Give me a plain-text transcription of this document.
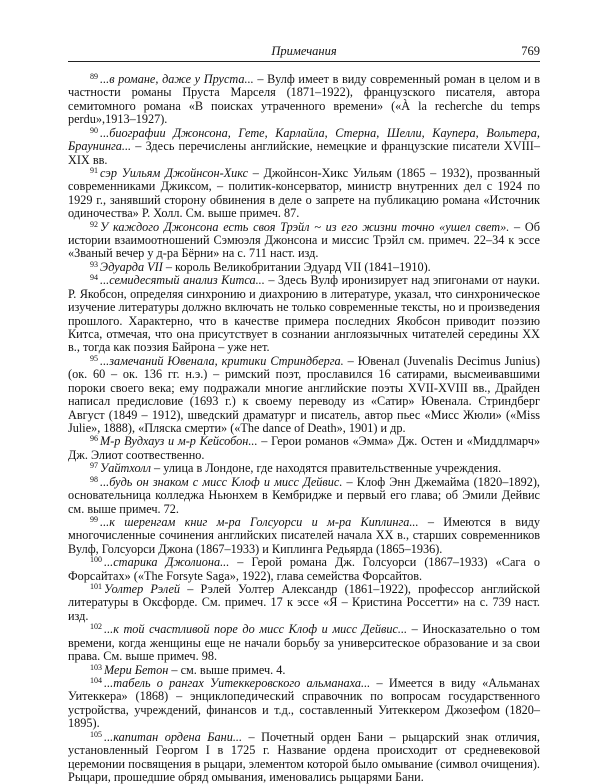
Примечания	769

$^{89}$ ...в романе, даже у Пруста... – Вулф имеет в виду современный роман в целом и в частности романы Пруста Марселя (1871–1922), французского писателя, автора семитомного романа «В поисках утраченного времени» («À la recherche du temps perdu»,1913–1927).

$^{90}$ ...биографии Джонсона, Гете, Карлайла, Стерна, Шелли, Каупера, Вольтера, Браунинга... – Здесь перечислены английские, немецкие и французские писатели XVIII–XIX вв.

$^{91}$ сэр Уильям Джойнсон-Хикс – Джойнсон-Хикс Уильям (1865 – 1932), прозванный современниками Джиксом, – политик-консерватор, министр внутренних дел с 1924 по 1929 г., занявший сторону обвинения в деле о запрете на публикацию романа «Источник одиночества» Р. Холл. См. выше примеч. 87.

$^{92}$ У каждого Джонсона есть своя Трэйл ~ из его жизни точно «ушел свет». – Об истории взаимоотношений Сэмюэля Джонсона и миссис Трэйл см. примеч. 22–34 к эссе «Званый вечер у д-ра Бёрни» на с. 711 наст. изд.

$^{93}$ Эдуарда VII – король Великобритании Эдуард VII (1841–1910).

$^{94}$ ...семидесятый анализ Китса... – Здесь Вулф иронизирует над эпигонами от науки. Р. Якобсон, определяя синхронию и диахронию в литературе, указал, что синхроническое изучение литературы должно включать не только современные тексты, но и произведения прошлого. Характерно, что в качестве примера последних Якобсон приводит поэзию Китса, отмечая, что она присутствует в сознании англоязычных читателей середины XX в., тогда как поэзия Байрона – уже нет.

$^{95}$ ...замечаний Ювенала, критики Стриндберга. – Ювенал (Juvenalis Decimus Junius) (ок. 60 – ок. 136 гг. н.э.) – римский поэт, прославился 16 сатирами, высмеивавшими пороки своего века; ему подражали многие английские поэты XVII-XVIII вв., Драйден написал предисловие (1693 г.) к своему переводу из «Сатир» Ювенала. Стриндберг Август (1849 – 1912), шведский драматург и писатель, автор пьес «Мисс Жюли» («Miss Julie», 1888), «Пляска смерти» («The dance of Death», 1901) и др.

$^{96}$ М-р Вудхауз и м-р Кейсобон... – Герои романов «Эмма» Дж. Остен и «Миддлмарч» Дж. Элиот соотвественно.

$^{97}$ Уайтхолл – улица в Лондоне, где находятся правительственные учреждения.

$^{98}$ ...будь он знаком с мисс Клоф и мисс Дейвис. – Клоф Энн Джемайма (1820–1892), основательница колледжа Ньюнхем в Кембридже и первый его глава; об Эмили Дейвис см. выше примеч. 72.

$^{99}$ ...к шеренгам книг м-ра Голсуорси и м-ра Киплинга... – Имеются в виду многочисленные сочинения английских писателей начала XX в., старших современников Вулф, Голсуорси Джона (1867–1933) и Киплинга Редьярда (1865–1936).

$^{100}$ ...старика Джолиона... – Герой романа Дж. Голсуорси (1867–1933) «Сага о Форсайтах» («The Forsyte Saga», 1922), глава семейства Форсайтов.

$^{101}$ Уолтер Рэлей – Рэлей Уолтер Александр (1861–1922), профессор английской литературы в Оксфорде. См. примеч. 17 к эссе «Я – Кристина Россетти» на с. 739 наст. изд.

$^{102}$ ...к той счастливой поре до мисс Клоф и мисс Дейвис... – Иносказательно о том времени, когда женщины еще не начали борьбу за университеское образование и за свои права. См. выше примеч. 98.

$^{103}$ Мери Бетон – см. выше примеч. 4.

$^{104}$ ...табель о рангах Уитеккеровского альманаха... – Имеется в виду «Альманах Уитеккера» (1868) – энциклопедический справочник по вопросам государственного устройства, учреждений, финансов и т.д., составленный Уитеккером Джозефом (1820–1895).

$^{105}$ ...капитан ордена Бани... – Почетный орден Бани – рыцарский знак отличия, установленный Георгом I в 1725 г. Название ордена происходит от средневековой церемонии посвящения в рыцари, элементом которой было омывание (символ очищения). Рыцари, прошедшие обряд омывания, именовались рыцарями Бани.
